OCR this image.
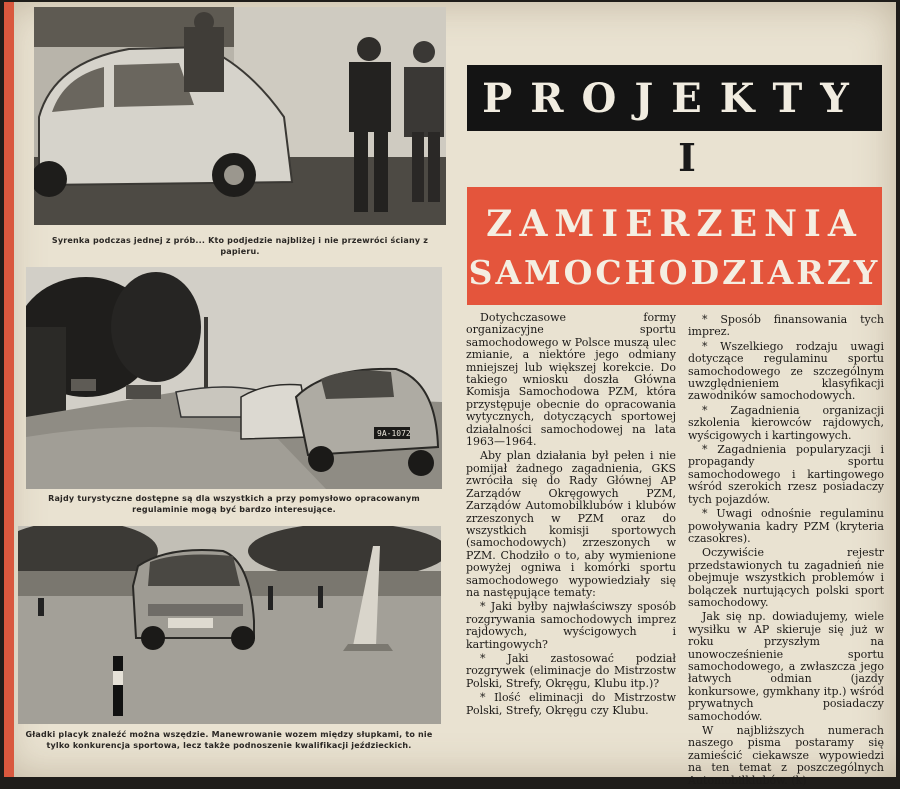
Syrenka podczas jednej z prób... Kto podjedzie najbliżej i nie przewróci ściany z papieru.
9A-1072
Rajdy turystyczne dostępne są dla wszystkich a przy pomysłowo opracowanym regulaminie mogą być bardzo interesujące.
Gładki placyk znaleźć można wszędzie. Manewrowanie wozem między słupkami, to nie tylko konkurencja sportowa, lecz także podnoszenie kwalifikacji jeździeckich.
PROJEKTY
I
ZAMIERZENIA
SAMOCHODZIARZY

Dotychczasowe formy organizacyjne sportu samochodowego w Polsce muszą ulec zmianie, a niektóre jego odmiany mniejszej lub większej korekcie. Do takiego wniosku doszła Główna Komisja Samochodowa PZM, która przystępuje obecnie do opracowania wytycznych, dotyczących sportowej działalności samochodowej na lata 1963—1964.

Aby plan działania był pełen i nie pomijał żadnego zagadnienia, GKS zwróciła się do Rady Głównej AP Zarządów Okręgowych PZM, Zarządów Automobilklubów i klubów zrzeszonych w PZM oraz do wszystkich komisji sportowych (samochodowych) zrzeszonych w PZM. Chodziło o to, aby wymienione powyżej ogniwa i komórki sportu samochodowego wypowiedziały się na następujące tematy:

* Jaki byłby najwłaściwszy sposób rozgrywania samochodowych imprez rajdowych, wyścigowych i kartingowych?

* Jaki zastosować podział rozgrywek (eliminacje do Mistrzostw Polski, Strefy, Okręgu, Klubu itp.)?

* Ilość eliminacji do Mistrzostw Polski, Strefy, Okręgu czy Klubu.

* Sposób finansowania tych imprez.

* Wszelkiego rodzaju uwagi dotyczące regulaminu sportu samochodowego ze szczególnym uwzględnieniem klasyfikacji zawodników samochodowych.

* Zagadnienia organizacji szkolenia kierowców rajdowych, wyścigowych i kartingowych.

* Zagadnienia popularyzacji i propagandy sportu samochodowego i kartingowego wśród szerokich rzesz posiadaczy tych pojazdów.

* Uwagi odnośnie regulaminu powoływania kadry PZM (kryteria czasokres).

Oczywiście rejestr przedstawionych tu zagadnień nie obejmuje wszystkich problemów i bolączek nurtujących polski sport samochodowy.

Jak się np. dowiadujemy, wiele wysiłku w AP skieruje się już w roku przyszłym na unowocześnienie sportu samochodowego, a zwłaszcza jego łatwych odmian (jazdy konkursowe, gymkhany itp.) wśród prywatnych posiadaczy samochodów.

W najbliższych numerach naszego pisma postaramy się zamieścić ciekawsze wypowiedzi na ten temat z poszczególnych Automobilklubów. (k)
